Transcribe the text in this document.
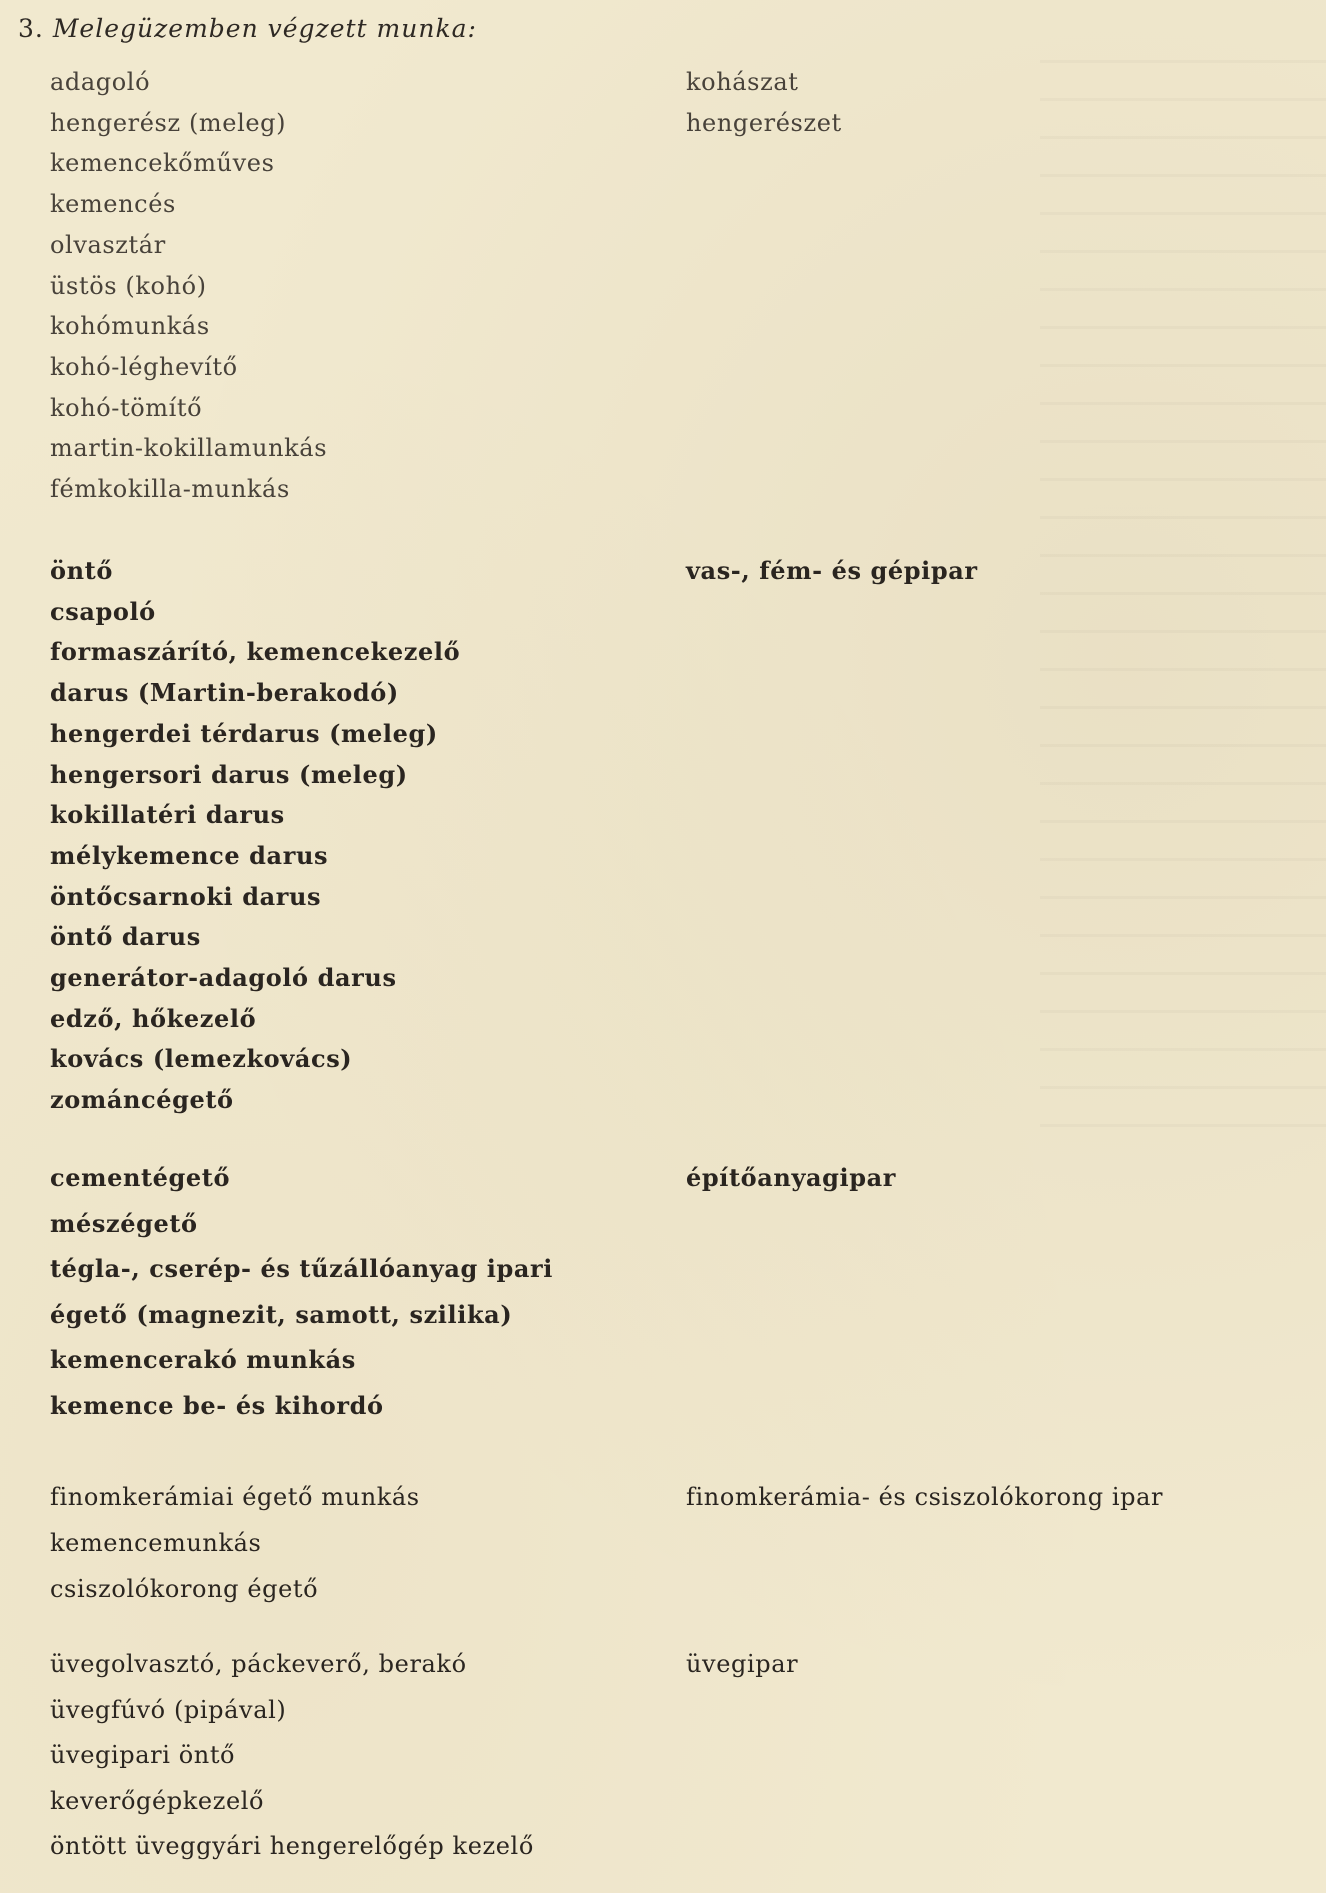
3. Melegüzemben végzett munka:
adagoló
hengerész (meleg)
kemencekőműves
kemencés
olvasztár
üstös (kohó)
kohómunkás
kohó-léghevítő
kohó-tömítő
martin-kokillamunkás
fémkokilla-munkás
kohászat
hengerészet
öntő
csapoló
formaszárító, kemencekezelő
darus (Martin-berakodó)
hengerdei térdarus (meleg)
hengersori darus (meleg)
kokillatéri darus
mélykemence darus
öntőcsarnoki darus
öntő darus
generátor-adagoló darus
edző, hőkezelő
kovács (lemezkovács)
zománcégető
vas-, fém- és gépipar
cementégető
mészégető
tégla-, cserép- és tűzállóanyag ipari
égető (magnezit, samott, szilika)
kemencerakó munkás
kemence be- és kihordó
építőanyagipar
finomkerámiai égető munkás
kemencemunkás
csiszolókorong égető
finomkerámia- és csiszolókorong ipar
üvegolvasztó, páckeverő, berakó
üvegfúvó (pipával)
üvegipari öntő
keverőgépkezelő
öntött üveggyári hengerelőgép kezelő
üvegipar
